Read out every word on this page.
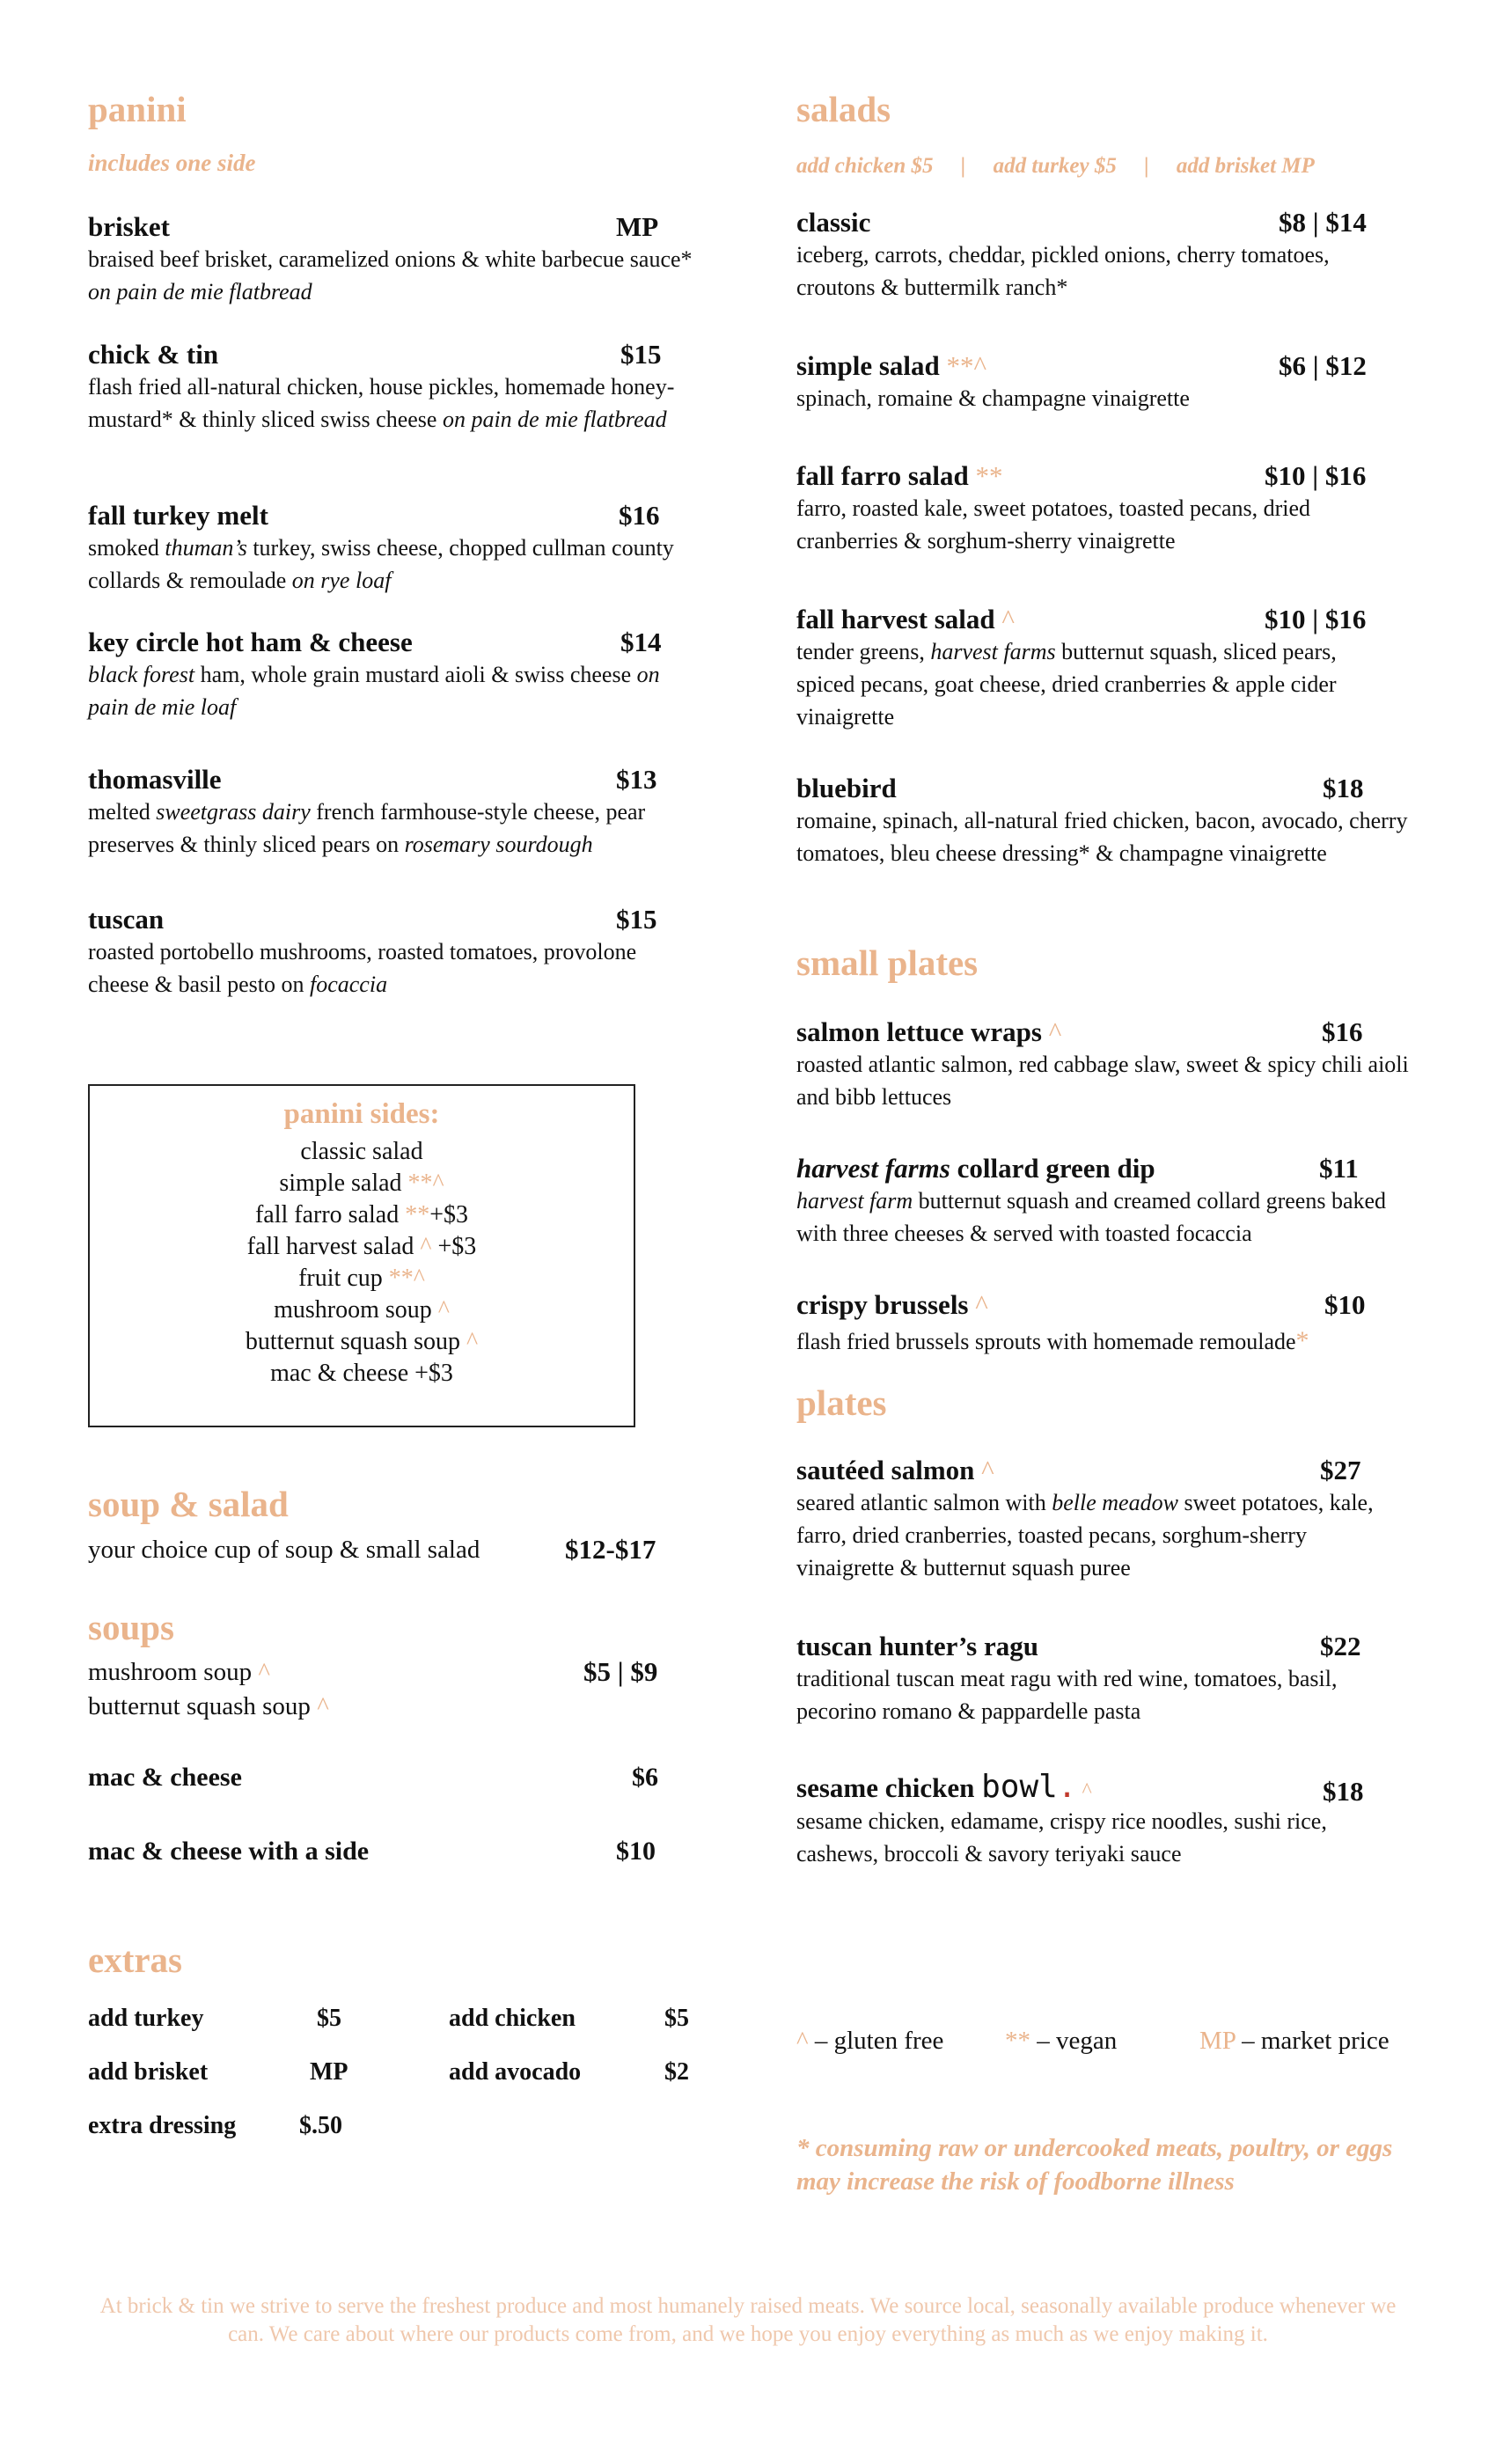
panini
includes one side
brisket	MP
braised beef brisket, caramelized onions & white barbecue sauce* on pain de mie flatbread
chick & tin	$15
flash fried all-natural chicken, house pickles, homemade honey-mustard* & thinly sliced swiss cheese on pain de mie flatbread
fall turkey melt	$16
smoked thuman’s turkey, swiss cheese, chopped cullman county collards & remoulade on rye loaf
key circle hot ham & cheese	$14
black forest ham, whole grain mustard aioli & swiss cheese on pain de mie loaf
thomasville	$13
melted sweetgrass dairy french farmhouse-style cheese, pear preserves & thinly sliced pears on rosemary sourdough
tuscan	$15
roasted portobello mushrooms, roasted tomatoes, provolone cheese & basil pesto on focaccia
soup & salad
your choice cup of soup & small salad	$12-$17
soups
mushroom soup ^	$5 | $9
butternut squash soup ^
mac & cheese	$6
mac & cheese with a side	$10
extras
add turkey	$5	add chicken	$5
add brisket	MP	add avocado	$2
extra dressing	$.50
panini sides:
classic salad
simple salad **^
fall farro salad **+$3
fall harvest salad ^ +$3
fruit cup **^
mushroom soup ^
butternut squash soup ^
mac & cheese +$3
salads
add chicken $5 | add turkey $5 | add brisket MP
classic	$8 | $14
iceberg, carrots, cheddar, pickled onions, cherry tomatoes, croutons & buttermilk ranch*
simple salad **^	$6 | $12
spinach, romaine & champagne vinaigrette
fall farro salad **	$10 | $16
farro, roasted kale, sweet potatoes, toasted pecans, dried cranberries & sorghum-sherry vinaigrette
fall harvest salad ^	$10 | $16
tender greens, harvest farms butternut squash, sliced pears, spiced pecans, goat cheese, dried cranberries & apple cider vinaigrette
bluebird	$18
romaine, spinach, all-natural fried chicken, bacon, avocado, cherry tomatoes, bleu cheese dressing* & champagne vinaigrette
small plates
salmon lettuce wraps ^	$16
roasted atlantic salmon, red cabbage slaw, sweet & spicy chili aioli and bibb lettuces
harvest farms collard green dip	$11
harvest farm butternut squash and creamed collard greens baked with three cheeses & served with toasted focaccia
crispy brussels ^	$10
flash fried brussels sprouts with homemade remoulade*
plates
sautéed salmon ^	$27
seared atlantic salmon with belle meadow sweet potatoes, kale, farro, dried cranberries, toasted pecans, sorghum-sherry vinaigrette & butternut squash puree
tuscan hunter’s ragu	$22
traditional tuscan meat ragu with red wine, tomatoes, basil, pecorino romano & pappardelle pasta
sesame chicken bowl. ^	$18
sesame chicken, edamame, crispy rice noodles, sushi rice, cashews, broccoli & savory teriyaki sauce
^ – gluten free ** – vegan	MP – market price
* consuming raw or undercooked meats, poultry, or eggs may increase the risk of foodborne illness
At brick & tin we strive to serve the freshest produce and most humanely raised meats. We source local, seasonally available produce whenever we can. We care about where our products come from, and we hope you enjoy everything as much as we enjoy making it.
